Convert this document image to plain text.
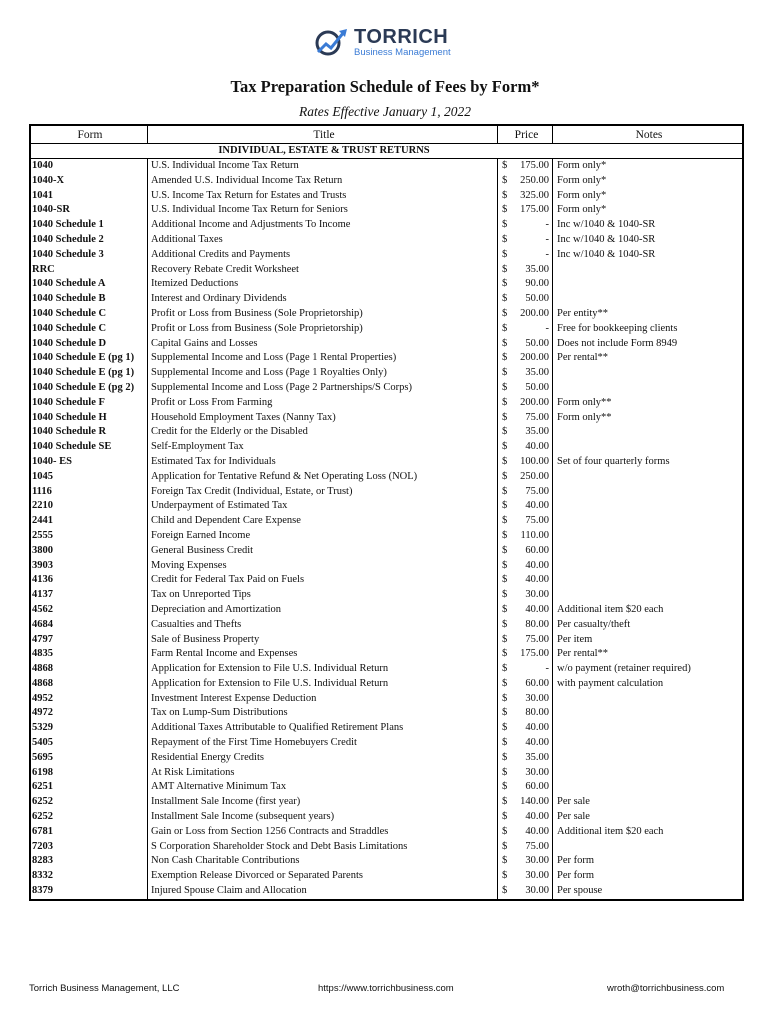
TORRICH
Business Management
Tax Preparation Schedule of Fees by Form*
Rates Effective January 1, 2022
Form	Title	Price	Notes
INDIVIDUAL, ESTATE & TRUST RETURNS
1040	U.S. Individual Income Tax Return	$	175.00 Form only*
1040-X	Amended U.S. Individual Income Tax Return	$	250.00 Form only*
1041	U.S. Income Tax Return for Estates and Trusts	$	325.00 Form only*
1040-SR	U.S. Individual Income Tax Return for Seniors	$	175.00 Form only*
1040 Schedule 1	Additional Income and Adjustments To Income	$	- Inc w/1040 & 1040-SR
1040 Schedule 2	Additional Taxes	$	- Inc w/1040 & 1040-SR
1040 Schedule 3	Additional Credits and Payments	$	- Inc w/1040 & 1040-SR
RRC	Recovery Rebate Credit Worksheet	$	35.00
1040 Schedule A	Itemized Deductions	$	90.00
1040 Schedule B	Interest and Ordinary Dividends	$	50.00
1040 Schedule C	Profit or Loss from Business (Sole Proprietorship)	$	200.00 Per entity**
1040 Schedule C	Profit or Loss from Business (Sole Proprietorship)	$	- Free for bookkeeping clients
1040 Schedule D	Capital Gains and Losses	$	50.00 Does not include Form 8949
1040 Schedule E (pg 1)	Supplemental Income and Loss (Page 1 Rental Properties)	$	200.00 Per rental**
1040 Schedule E (pg 1)	Supplemental Income and Loss (Page 1 Royalties Only)	$	35.00
1040 Schedule E (pg 2)	Supplemental Income and Loss (Page 2 Partnerships/S Corps)	$	50.00
1040 Schedule F	Profit or Loss From Farming	$	200.00 Form only**
1040 Schedule H	Household Employment Taxes (Nanny Tax)	$	75.00 Form only**
1040 Schedule R	Credit for the Elderly or the Disabled	$	35.00
1040 Schedule SE	Self-Employment Tax	$	40.00
1040- ES	Estimated Tax for Individuals	$	100.00 Set of four quarterly forms
1045	Application for Tentative Refund & Net Operating Loss (NOL)	$	250.00
1116	Foreign Tax Credit (Individual, Estate, or Trust)	$	75.00
2210	Underpayment of Estimated Tax	$	40.00
2441	Child and Dependent Care Expense	$	75.00
2555	Foreign Earned Income	$	110.00
3800	General Business Credit	$	60.00
3903	Moving Expenses	$	40.00
4136	Credit for Federal Tax Paid on Fuels	$	40.00
4137	Tax on Unreported Tips	$	30.00
4562	Depreciation and Amortization	$	40.00 Additional item $20 each
4684	Casualties and Thefts	$	80.00 Per casualty/theft
4797	Sale of Business Property	$	75.00 Per item
4835	Farm Rental Income and Expenses	$	175.00 Per rental**
4868	Application for Extension to File U.S. Individual Return	$	- w/o payment (retainer required)
4868	Application for Extension to File U.S. Individual Return	$	60.00 with payment calculation
4952	Investment Interest Expense Deduction	$	30.00
4972	Tax on Lump-Sum Distributions	$	80.00
5329	Additional Taxes Attributable to Qualified Retirement Plans	$	40.00
5405	Repayment of the First Time Homebuyers Credit	$	40.00
5695	Residential Energy Credits	$	35.00
6198	At Risk Limitations	$	30.00
6251	AMT Alternative Minimum Tax	$	60.00
6252	Installment Sale Income (first year)	$	140.00 Per sale
6252	Installment Sale Income (subsequent years)	$	40.00 Per sale
6781	Gain or Loss from Section 1256 Contracts and Straddles	$	40.00 Additional item $20 each
7203	S Corporation Shareholder Stock and Debt Basis Limitations	$	75.00
8283	Non Cash Charitable Contributions	$	30.00 Per form
8332	Exemption Release Divorced or Separated Parents	$	30.00 Per form
8379	Injured Spouse Claim and Allocation	$	30.00 Per spouse
Torrich Business Management, LLC	https://www.torrichbusiness.com	wroth@torrichbusiness.com
